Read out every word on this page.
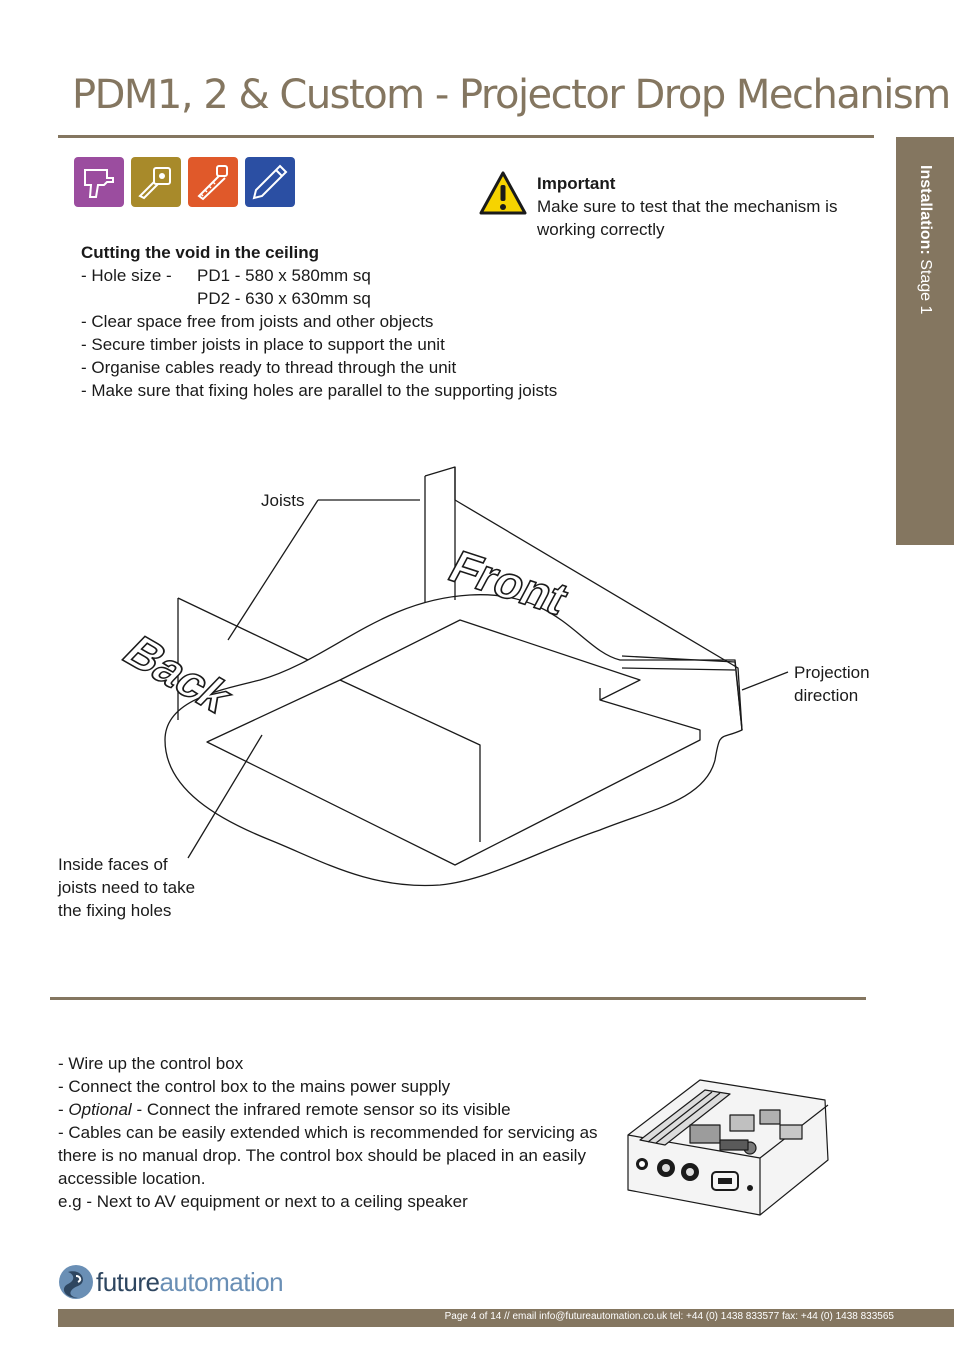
PDM1, 2 & Custom - Projector Drop Mechanism
Installation: Stage 1
Important
Make sure to test that the mechanism is working correctly
Cutting the void in the ceiling
- Hole size -	PD1 - 580 x 580mm sq
PD2 - 630 x 630mm sq
- Clear space free from joists and other objects
- Secure timber joists in place to support the unit
- Organise cables ready to thread through the unit
- Make sure that fixing holes are parallel to the supporting joists
Front
Back
Joists
Projection
direction
Inside faces of
joists need to take
the fixing holes
- Wire up the control box
- Connect the control box to the mains power supply
- Optional - Connect the infrared remote sensor so its visible
- Cables can be easily extended which is recommended for servicing as there is no manual drop. The control box should be placed in an easily accessible location.
e.g - Next to AV equipment or next to a ceiling speaker
futureautomation
Page 4 of 14 // email info@futureautomation.co.uk tel: +44 (0) 1438 833577 fax: +44 (0) 1438 833565
